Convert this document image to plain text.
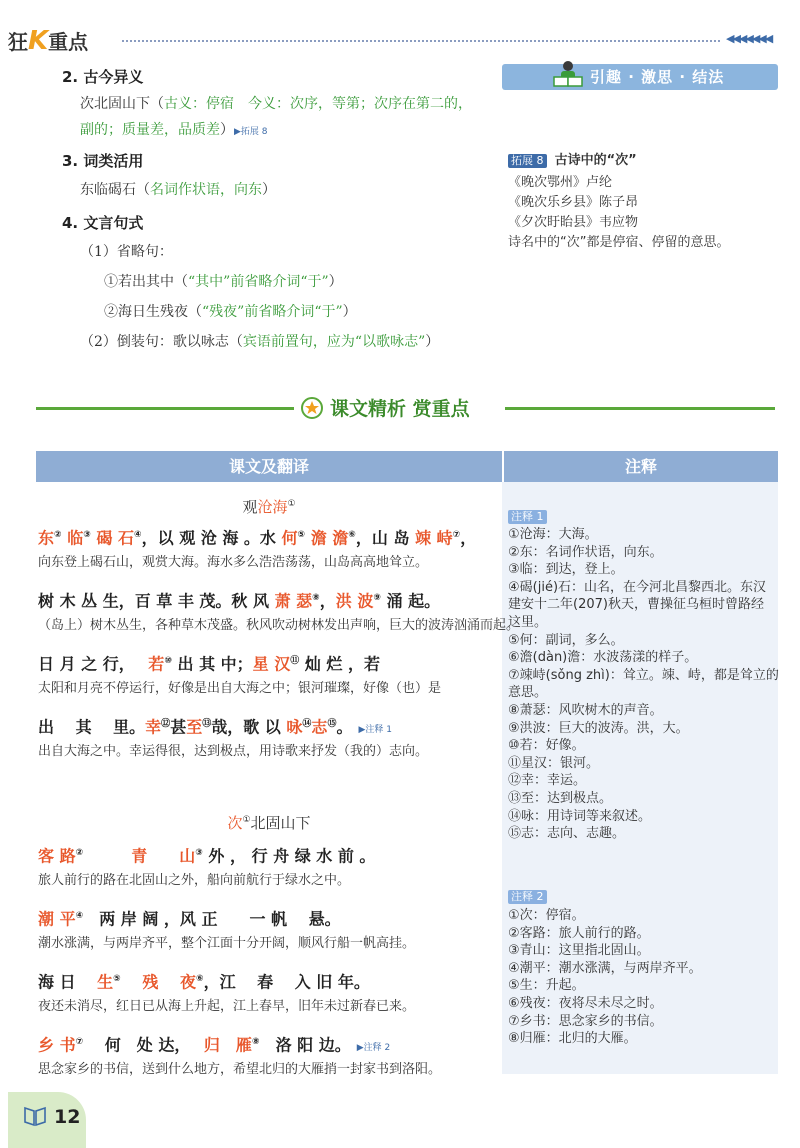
狂K重点	◀◀◀◀◀◀◀
2. 古今异义
次北固山下（古义：停宿　今义：次序，等第；次序在第二的，
副的；质量差，品质差）▶拓展 8
3. 词类活用
东临碣石（名词作状语，向东）
4. 文言句式
（1）省略句：
①若出其中（“其中”前省略介词“于”）
②海日生残夜（“残夜”前省略介词“于”）
（2）倒装句：歌以咏志（宾语前置句，应为“以歌咏志”）
引趣 · 激思 · 结法
拓展 8 古诗中的“次”
《晚次鄂州》卢纶
《晚次乐乡县》陈子昂
《夕次盱眙县》韦应物
诗名中的“次”都是停宿、停留的意思。
课文精析 赏重点
课文及翻译	注释
观沧海①
东② 临③ 碣 石④，以 观 沧 海 。水 何⑤ 澹 澹⑥，山 岛 竦 峙⑦，
向东登上碣石山，观赏大海。海水多么浩浩荡荡，山岛高高地耸立。
树 木 丛 生，百 草 丰 茂。秋 风 萧 瑟⑧，洪 波⑨ 涌 起。
（岛上）树木丛生，各种草木茂盛。秋风吹动树林发出声响，巨大的波涛汹涌而起。
日 月 之 行，　 若⑩ 出 其 中；星 汉⑪ 灿 烂 ，若
太阳和月亮不停运行，好像是出自大海之中；银河璀璨，好像（也）是
出 　其 　里。幸⑫甚至⑬哉，歌 以 咏⑭志⑮。 ▶注释 1
出自大海之中。幸运得很，达到极点，用诗歌来抒发（我的）志向。
次①北固山下
客 路②　　　	青　　山③ 外 ， 行 舟 绿 水 前 。
旅人前行的路在北固山之外，船向前航行于绿水之中。
潮 平④　两 岸 阔 ，风 正　　一 帆　 悬。
潮水涨满，与两岸齐平，整个江面十分开阔，顺风行船一帆高挂。
海 日　 生⑤　 残　 夜⑥，江　 春　 入 旧 年。
夜还未消尽，红日已从海上升起，江上春早，旧年未过新春已来。
乡 书⑦　 何　处 达，　 归　雁⑧　洛 阳 边。 ▶注释 2
思念家乡的书信，送到什么地方，希望北归的大雁捎一封家书到洛阳。
注释 1
①沧海：大海。
②东：名词作状语，向东。
③临：到达，登上。
④碣(jié)石：山名，在今河北昌黎西北。东汉
建安十二年(207)秋天，曹操征乌桓时曾路经
这里。
⑤何：副词，多么。
⑥澹(dàn)澹：水波荡漾的样子。
⑦竦峙(sǒng zhì)：耸立。竦、峙，都是耸立的
意思。
⑧萧瑟：风吹树木的声音。
⑨洪波：巨大的波涛。洪，大。
⑩若：好像。
⑪星汉：银河。
⑫幸：幸运。
⑬至：达到极点。
⑭咏：用诗词等来叙述。
⑮志：志向、志趣。
注释 2
①次：停宿。
②客路：旅人前行的路。
③青山：这里指北固山。
④潮平：潮水涨满，与两岸齐平。
⑤生：升起。
⑥残夜：夜将尽未尽之时。
⑦乡书：思念家乡的书信。
⑧归雁：北归的大雁。
12
